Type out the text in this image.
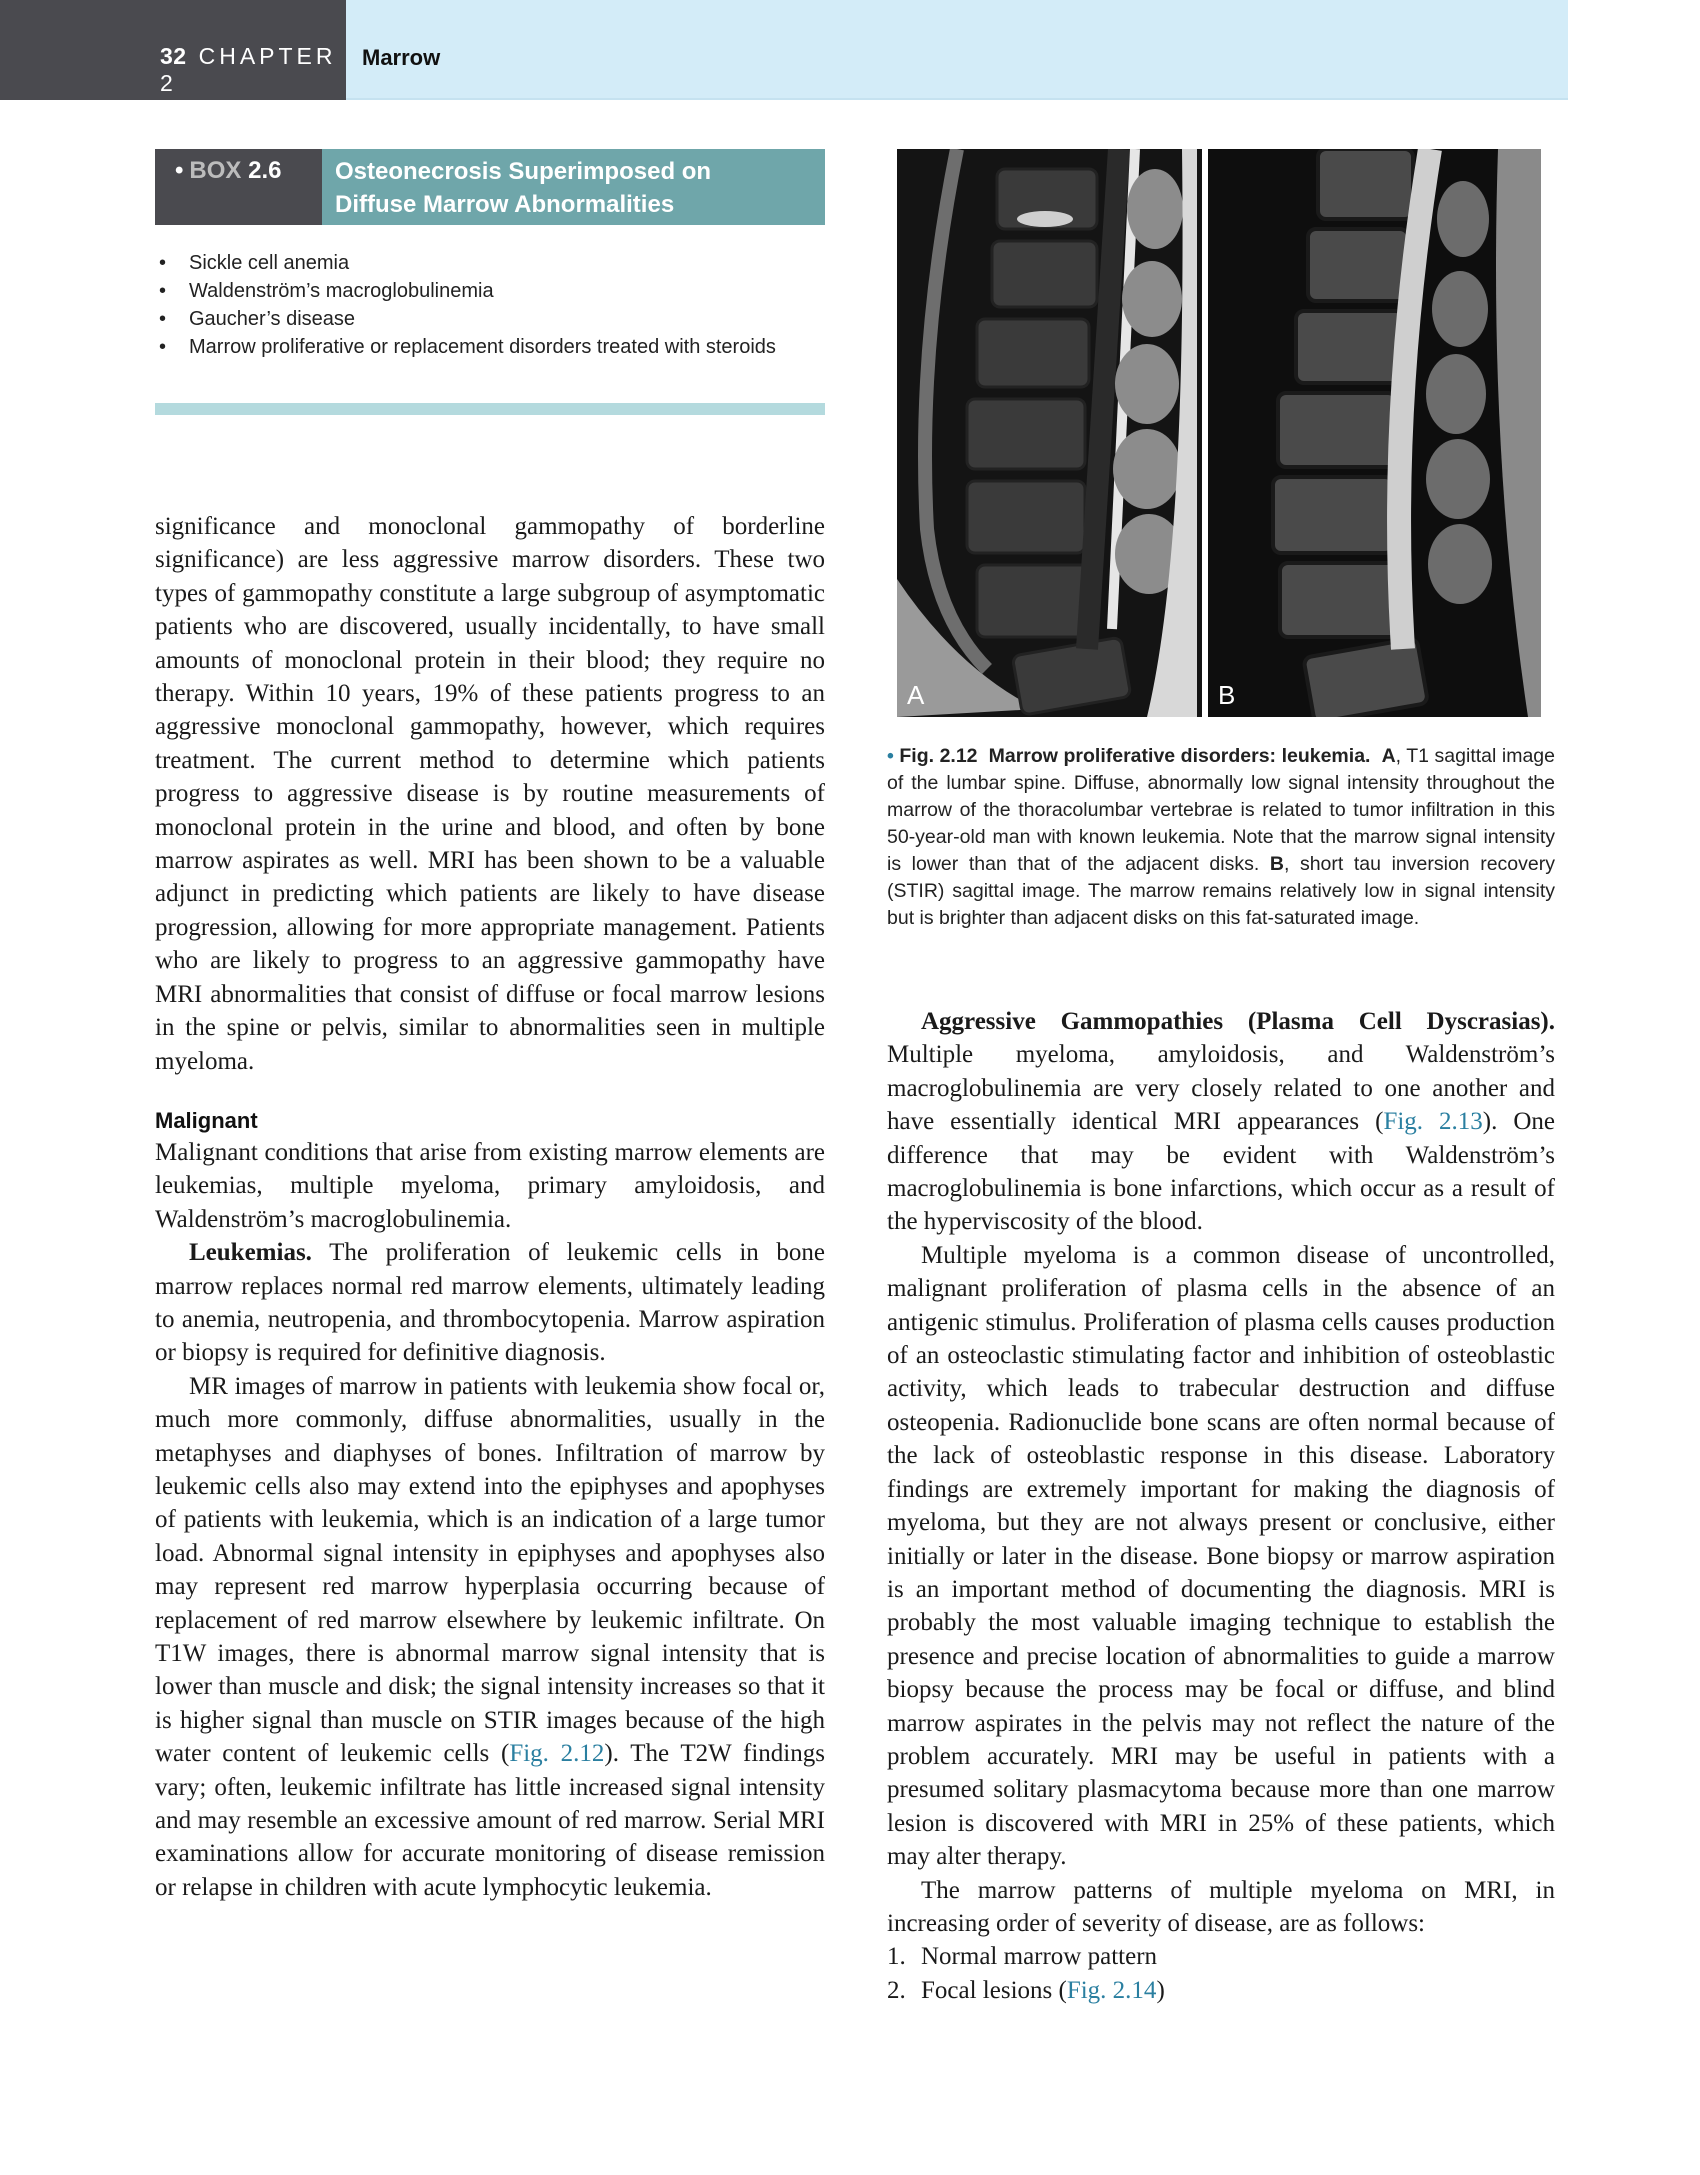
32 CHAPTER 2
Marrow
• BOX 2.6	Osteonecrosis Superimposed on
Diffuse Marrow Abnormalities
• Sickle cell anemia
• Waldenström’s macroglobulinemia
• Gaucher’s disease
• Marrow proliferative or replacement disorders treated with steroids

significance and monoclonal gammopathy of borderline significance) are less aggressive marrow disorders. These two types of gammopathy constitute a large subgroup of asymptomatic patients who are discovered, usually incidentally, to have small amounts of monoclonal protein in their blood; they require no therapy. Within 10 years, 19% of these patients progress to an aggressive monoclonal gammopathy, however, which requires treatment. The current method to determine which patients progress to aggressive disease is by routine measurements of monoclonal protein in the urine and blood, and often by bone marrow aspirates as well. MRI has been shown to be a valuable adjunct in predicting which patients are likely to have disease progression, allowing for more appropriate management. Patients who are likely to progress to an aggressive gammopathy have MRI abnormalities that consist of diffuse or focal marrow lesions in the spine or pelvis, similar to abnormalities seen in multiple myeloma.

Malignant

Malignant conditions that arise from existing marrow elements are leukemias, multiple myeloma, primary amyloidosis, and Waldenström’s macroglobulinemia.

Leukemias. The proliferation of leukemic cells in bone marrow replaces normal red marrow elements, ultimately leading to anemia, neutropenia, and thrombocytopenia. Marrow aspiration or biopsy is required for definitive diagnosis.

MR images of marrow in patients with leukemia show focal or, much more commonly, diffuse abnormalities, usually in the metaphyses and diaphyses of bones. Infiltration of marrow by leukemic cells also may extend into the epiphyses and apophyses of patients with leukemia, which is an indication of a large tumor load. Abnormal signal intensity in epiphyses and apophyses also may represent red marrow hyperplasia occurring because of replacement of red marrow elsewhere by leukemic infiltrate. On T1W images, there is abnormal marrow signal intensity that is lower than muscle and disk; the signal intensity increases so that it is higher signal than muscle on STIR images because of the high water content of leukemic cells (Fig. 2.12). The T2W findings vary; often, leukemic infiltrate has little increased signal intensity and may resemble an excessive amount of red marrow. Serial MRI examinations allow for accurate monitoring of disease remission or relapse in children with acute lymphocytic leukemia.

A	B
• Fig. 2.12 Marrow proliferative disorders: leukemia. A, T1 sagittal image of the lumbar spine. Diffuse, abnormally low signal intensity throughout the marrow of the thoracolumbar vertebrae is related to tumor infiltration in this 50-year-old man with known leukemia. Note that the marrow signal intensity is lower than that of the adjacent disks. B, short tau inversion recovery (STIR) sagittal image. The marrow remains relatively low in signal intensity but is brighter than adjacent disks on this fat-saturated image.

Aggressive Gammopathies (Plasma Cell Dyscrasias). Multiple myeloma, amyloidosis, and Waldenström’s macroglobulinemia are very closely related to one another and have essentially identical MRI appearances (Fig. 2.13). One difference that may be evident with Waldenström’s macroglobulinemia is bone infarctions, which occur as a result of the hyperviscosity of the blood.

Multiple myeloma is a common disease of uncontrolled, malignant proliferation of plasma cells in the absence of an antigenic stimulus. Proliferation of plasma cells causes production of an osteoclastic stimulating factor and inhibition of osteoblastic activity, which leads to trabecular destruction and diffuse osteopenia. Radionuclide bone scans are often normal because of the lack of osteoblastic response in this disease. Laboratory findings are extremely important for making the diagnosis of myeloma, but they are not always present or conclusive, either initially or later in the disease. Bone biopsy or marrow aspiration is an important method of documenting the diagnosis. MRI is probably the most valuable imaging technique to establish the presence and precise location of abnormalities to guide a marrow biopsy because the process may be focal or diffuse, and blind marrow aspirates in the pelvis may not reflect the nature of the problem accurately. MRI may be useful in patients with a presumed solitary plasmacytoma because more than one marrow lesion is discovered with MRI in 25% of these patients, which may alter therapy.

The marrow patterns of multiple myeloma on MRI, in increasing order of severity of disease, are as follows:

1. Normal marrow pattern
2. Focal lesions (Fig. 2.14)
